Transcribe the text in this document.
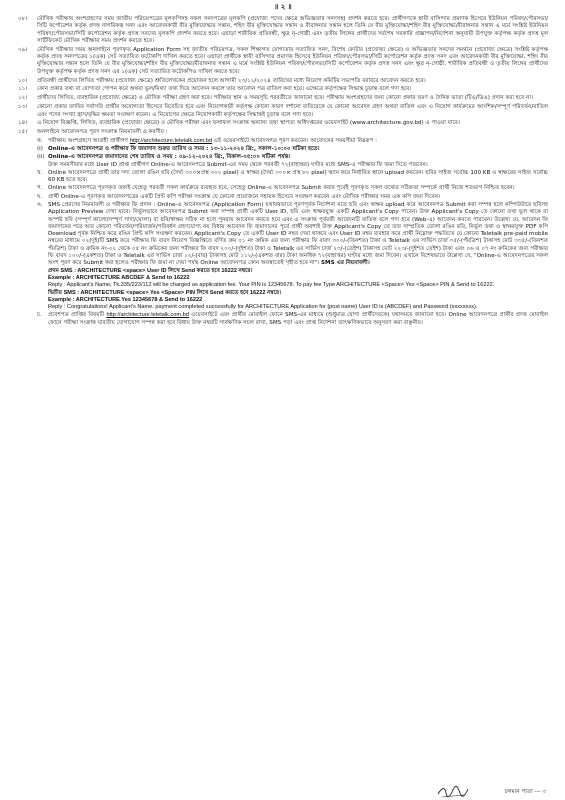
॥ ২ ॥
০৮।	মৌখিক পরীক্ষায় অংশগ্রহণের সময় জাতীয় পরিচয়পত্রের মূলকপিসহ সকল সনদপত্রের মূলকপি (প্রযোজ্য পদের ক্ষেত্রে অভিজ্ঞতার সনদসহ) প্রদর্শন করতে হবে। প্রার্থীগণকে স্থায়ী বাসিন্দার প্রমাণক হিসেবে ইউনিয়ন পরিষদ/পৌরসভা/সিটি কর্পোরেশন কর্তৃক প্রদত্ত নাগরিকত্ব সনদ এবং আবেদনকারী বীর মুক্তিযোদ্ধার সন্তান, শহিদ বীর মুক্তিযোদ্ধার সন্তান ও বীরাঙ্গনার সন্তান হলে তিনি যে বীর মুক্তিযোদ্ধা/শহিদ বীর মুক্তিযোদ্ধা/বীরাঙ্গনার সন্তান এ মর্মে সংশ্লিষ্ট ইউনিয়ন পরিষদ/পৌরসভা/সিটি কর্পোরেশন কর্তৃক প্রদত্ত সনদের মূলকপি প্রদর্শন করতে হবে। এছাড়া শারীরিক প্রতিবন্ধী, ক্ষুদ্র নৃ-গোষ্ঠী এবং তৃতীয় লিঙ্গের প্রার্থীদের সর্বশেষ সরকারি প্রজ্ঞাপন/নির্দেশনা অনুযায়ী উপযুক্ত কর্তৃপক্ষ কর্তৃক প্রদত্ত মূল সার্টিফিকেট মৌখিক পরীক্ষার সময় প্রদর্শন করতে হবে।
০৯।	মৌখিক পরীক্ষার সময় অনলাইনে পূরণকৃত Application Form সহ জাতীয় পরিচয়পত্র, সকল শিক্ষাগত যোগ্যতার সত্যায়িত সনদ, বিশেষ কোটার (প্রযোজ্য ক্ষেত্রে) ও অভিজ্ঞতার সনদের সমর্থনে (প্রযোজ্য ক্ষেত্রে) সংশ্লিষ্ট কর্তৃপক্ষ কর্তৃক প্রদত্ত সনদপত্রের ১(এক) সেট সত্যায়িত ফটোকপি দাখিল করতে হবে। এছাড়া প্রার্থীকে স্থায়ী বাসিন্দার প্রমাণক হিসেবে ইউনিয়ন পরিষদ/পৌরসভা/সিটি কর্পোরেশন কর্তৃক প্রদত্ত সনদ এবং আবেদনকারী বীর মুক্তিযোদ্ধা, শহিদ বীর মুক্তিযোদ্ধার সন্তান হলে তিনি যে বীর মুক্তিযোদ্ধা/শহিদ বীর মুক্তিযোদ্ধা/বীরাঙ্গনার সন্তান এ মর্মে সংশ্লিষ্ট ইউনিয়ন পরিষদ/পৌরসভা/সিটি কর্পোরেশন কর্তৃক প্রদত্ত সনদ এবং ক্ষুদ্র নৃ-গোষ্ঠী, শারীরিক প্রতিবন্ধী ও তৃতীয় লিঙ্গের প্রার্থীদের উপযুক্ত কর্তৃপক্ষ কর্তৃক প্রদত্ত সনদ এর ১(এক) সেট সত্যায়িত ফটোকপিও দাখিল করতে হবে।
১০।	প্রতিবন্ধী প্রার্থীদের লিখিত পরীক্ষায় (প্রযোজ্য ক্ষেত্রে) শ্রুতিলেখকের প্রয়োজন হলে আগামী ২৩/১২/২০২৪ তারিখের মধ্যে নিয়োগ কমিটির সভাপতি বরাবরে আবেদন করতে হবে।
১১।	কোন প্রকার তথ্য বা যোগ্যতা গোপন করে অথবা ভুল/মিথ্যা তথ্য দিয়ে আবেদন করলে তার আবেদন পত্র বাতিল করা হবে। এক্ষেত্রে কর্তৃপক্ষের সিদ্ধান্ত চূড়ান্ত বলে গণ্য হবে।
১২।	প্রার্থীদের লিখিত, ব্যবহারিক (প্রযোজ্য ক্ষেত্রে) ও মৌখিক পরীক্ষা গ্রহণ করা হবে। পরীক্ষার স্থান ও সময়সূচি পরবর্তীতে জানানো হবে। পরীক্ষায় অংশগ্রহণের জন্য কোনো প্রকার ভ্রমণ ও দৈনিক ভাতা (টিএ/ডিএ) প্রদান করা হবে না।
১৩।	কোনো প্রকার তদবির সর্বাসরি প্রার্থীর অযোগ্যতা হিসেবে বিবেচিত হবে এবং নিয়োগকারী কর্তৃপক্ষ কোনো কারণ দর্শানো ব্যতিরেকে যে কোনো আবেদন গ্রহণ অথবা বাতিল এবং এ নিয়োগ কার্যক্রমের আংশিক/সম্পূর্ণ পরিবর্তন/বাতিল এবং পদের সংখ্যা হ্রাস/বৃদ্ধির ক্ষমতা সংরক্ষণ করেন। এ নিয়োগের ক্ষেত্রে নিয়োগকারী কর্তৃপক্ষের সিদ্ধান্তই চূড়ান্ত বলে গণ্য হবে।
১৪।	এ নিয়োগ বিজ্ঞপ্তি, লিখিত, ব্যবহারিক (প্রযোজ্য ক্ষেত্রে) ও মৌখিক পরীক্ষা এবং ফলাফল সংক্রান্ত অন্যান্য তথ্য স্থাপত্য অধিদপ্তরের ওয়েবসাইট (www.architecture.gov.bd) এ পাওয়া যাবে।
১৫।	অনলাইনে আবেদনপত্র পূরণ সংক্রান্ত নিয়মাবলী ও করণীয় :
ক. পরীক্ষায় অংশগ্রহণে আগ্রহী প্রার্থীগণ http://architecture.teletalk.com.bd এই ওয়েবসাইটে আবেদনপত্র পূরণ করবেন। আবেদনের সময়সীমা নিম্নরূপ :
(i) Online-এ আবেদনপত্র ও পরীক্ষার ফি জমাদান শুরুর তারিখ ও সময় : ১৩-১১-২০২৪ খ্রি:, সকাল-১০:০০ ঘটিকা হতে।
(ii) Online-এ আবেদনপত্র জমাদানের শেষ তারিখ ও সময় : ০৯-১২-২০২৪ খ্রি:, বিকাল-০৫:০০ ঘটিকা পর্যন্ত।
উক্ত সময়সীমার মধ্যে User ID প্রাপ্ত প্রার্থীগণ Online-এ আবেদনপত্রে Submit-এর সময় থেকে পরবর্তী ৭২(বাহাত্তর) ঘণ্টার মধ্যে SMS-এ পরীক্ষার ফি জমা দিতে পারবেন।
খ. Online আবেদনপত্রে প্রার্থী তার সদ্য তোলা রঙিন ছবি (দৈর্ঘ্য ৩০০×প্রস্থ ৩০০ pixel) ও স্বাক্ষর (দৈর্ঘ্য ৩০০× প্রস্থ ৮০ pixel) স্ক্যান করে নির্ধারিত স্থানে upload করবেন। ছবির সাইজ সর্বোচ্চ 100 KB ও স্বাক্ষরের সাইজ সর্বোচ্চ 60 KB হতে হবে।
গ. Online আবেদনপত্রে পূরণকৃত তথ্যই যেহেতু পরবর্তী সকল কার্যক্রমে ব্যবহৃত হবে, সেহেতু Online-এ আবেদনপত্র Submit করার পূর্বেই পূরণকৃত সকল তথ্যের সঠিকতা সম্পর্কে প্রার্থী নিজে শতভাগ নিশ্চিত হবেন।
ঘ.	প্রার্থী Online-এ পূরণকৃত আবেদনপত্রের একটি প্রিন্ট কপি পরীক্ষা সংক্রান্ত যে কোনো প্রয়োজনে সহায়ক হিসেবে সংরক্ষণ করবেন এবং মৌখিক পরীক্ষার সময় এক কপি জমা দিবেন।
ঙ. SMS প্রেরণের নিয়মাবলী ও পরীক্ষার ফি প্রদান : Online-এ আবেদনপত্র (Application Form) যথাযথভাবে পূরণপূর্বক নির্দেশনা মতে ছবি এবং স্বাক্ষর upload করে আবেদনপত্র Submit করা সম্পন্ন হলে কম্পিউটারে ছবিসহ Application Preview দেখা যাবে। নির্ভুলভাবে আবেদনপত্র Submit করা সম্পন্ন প্রার্থী একটি User ID, ছবি এবং স্বাক্ষরযুক্ত একটি Applicant's Copy পাবেন। উক্ত Applicant's Copy তে কোনো তথ্য ভুল থাকে বা অস্পষ্ট ছবি (সম্পূর্ণ কালো/সম্পূর্ণ সাদা/ঘোলা) বা ছবি/স্বাক্ষর সঠিক না হলে পুনরায় আবেদন করতে হবে এবং এ সংক্রান্ত পূর্ববর্তী আবেদনটি বাতিল বলে গণ্য হবে (Web-এ) আবেদন করতে পারবেন। উল্লেখ্য যে, আবেদন ফি জমাদানের পরে আর কোনো পরিবর্তন/পরিমার্জন/পরিবর্ধন গ্রহণযোগ্য নয় বিধায় আবেদন ফি জমাদানের পূর্বে প্রার্থী অবশ্যই উক্ত Applicant's Copy তে তার সাম্প্রতিক তোলা রঙিন ছবি, নির্ভুল তথ্য ও স্বাক্ষরযুক্ত PDF কপি Download পূর্বক নিশ্চিত করে রঙিন প্রিন্ট কপি সংরক্ষণ করবেন। Applicant's Copy তে একটি User ID নম্বর দেয়া থাকবে এবং User ID নম্বর ব্যবহার করে প্রার্থী নিম্নোক্ত পদ্ধতিতে যে কোনো Teletalk pre-paid mobile নম্বরের মাধ্যমে ০২(দুই)টি SMS করে পরীক্ষার ফি বাবদ নিয়োগ বিজ্ঞপ্তিতে বর্ণিত ক্রম ০১ নং ক্রমিক এর জন্য পরীক্ষার ফি বাবদ ৩০০/-(তিনশত) টাকা ও Teletalk এর সার্ভিস চার্জ ৩৫/-(পঁয়ত্রিশ) টাকাসহ মোট ৩৩৫/-(তিনশত পঁয়ত্রিশ) টাকা ও ক্রমিক নং-০২ থেকে ০৫ নং ক্রমিকের জন্য পরীক্ষার ফি বাবদ ২০০/-(দুইশত) টাকা ও Teletalk এর সার্ভিস চার্জ ২৩/-(তেইশ) টাকাসহ মোট ২২৩/-(দুইশত তেইশ) টাকা এবং ০৬ ও ০৭ নং ক্রমিকের জন্য পরীক্ষার ফি বাবদ ১০০/-(একশত) টাকা ও Teletalk এর সার্ভিস চার্জ ১২/-(বার) টাকাসহ মোট ১১২/-(একশত বার) টাকা অনধিক ৭২(বাহাত্তর) ঘণ্টার মধ্যে জমা দিবেন। এখানে বিশেষভাবে উল্লেখ্য যে, "Online-এ আবেদনপত্রের সকল অংশ পূরণ করে Submit করা হলেও পরীক্ষার ফি জমা না দেয়া পর্যন্ত Online আবেদনপত্র কোন অবস্থাতেই গৃহীত হবে না"। SMS এর নিয়মাবলী।
প্রথম SMS : ARCHITECTURE <space> User ID লিখে Send করতে হবে 16222 নম্বরে।
Example : ARCHITECTURE ABCDEF & Send to 16222
Reply : Applicant's Name, Tk.335/223/112 will be charged as application fee. Your PIN is 12345678. To pay fee Type ARCHITECTURE <Space> Yes <Space> PIN & Send to 16222.
দ্বিতীয় SMS : ARCHITECTURE <space> Yes <Space> PIN লিখে Send করতে হবে 16222 নম্বরে।
Example : ARCHITECTURE Yes 12345678 & Send to 16222
Reply : Congratulations! Applicant's Name, payment completed successfully for ARCHITECTURE Application for (post name) User ID is (ABCDEF) and Password (xxxxxxxx).
চ.	প্রবেশপত্র প্রাপ্তির বিষয়টি http://architecture.teletalk.com.bd ওয়েবসাইটে এবং প্রার্থীর মোবাইল ফোনে SMS-এর মাধ্যমে (শুধুমাত্র যোগ্য প্রার্থীদেরকে) যথাসময়ে জানানো হবে। Online আবেদনপত্রে প্রার্থীর প্রদত্ত মোবাইল ফোনে পরীক্ষা সংক্রান্ত যাবতীয় যোগাযোগ সম্পন্ন করা হবে বিধায় উক্ত নম্বরটি সার্বক্ষণিক সচল রাখা, SMS পড়া এবং প্রাপ্ত নির্দেশনা তাৎক্ষণিকভাবে অনুসরণ করা বাঞ্ছনীয়।
চলমান পাতা --- ৩
